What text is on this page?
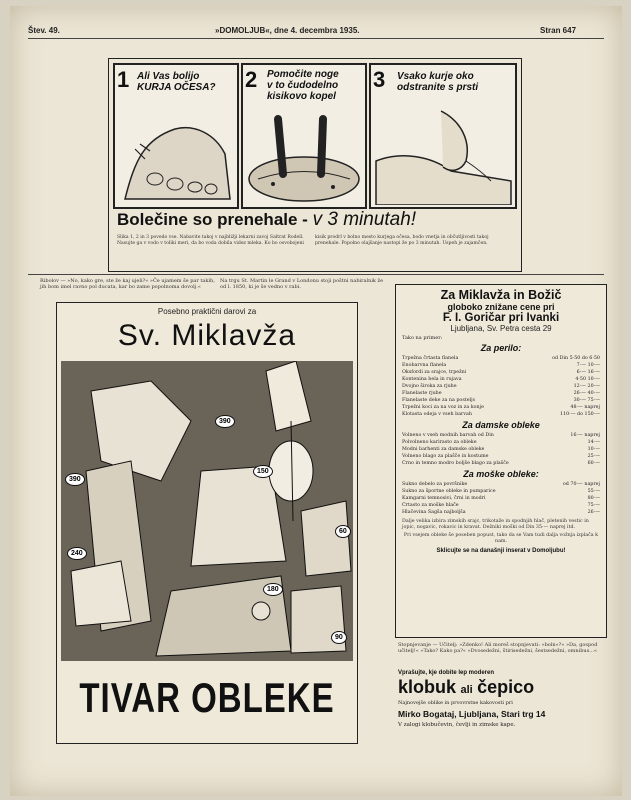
Štev. 49.	»DOMOLJUB«, dne 4. decembra 1935.	Stran 647
1 Ali Vas bolijo
KURJA OČESA? 2 Pomočite noge
v to čudodelno
kisikovo kopel
3 Vsako kurje oko
odstranite s prsti
Bolečine so prenehale - v 3 minutah!
Slika 1, 2 in 3 povedo vse. Nabavite takoj v najbližji lekarni zavoj Saltrat Rodell. Nasujte ga v vodo v toliki meri, da bo voda dobila videz mleka. Ko bo osvobojeni
kisik prodrl v bolno mesto kurjega očesa, bodo vnetja in občutljivosti takoj prenehale. Popolno olajšanje nastopi že po 3 minutah. Uspeh je zajamčen.
Ribolov — »No, kako gre, ste že kaj ujeli?« »Če ujamem še par takih, jih bom imel ravno pol ducata, kar bo zame popolnoma dovolj.«
Na trgu St. Martin le Grand v Londonu stoji poštni nabiralnik že od l. 1850, ki je še vedno v rabi.
Posebno praktični darovi za
Sv. Miklavža
390
150
390
60
240
180
90
TIVAR OBLEKE
Za Miklavža in Božič
globoko znižane cene pri
F. I. Goričar pri Ivanki
Ljubljana, Sv. Petra cesta 29
Tako na primer:
Za perilo:
Trpežna črtasta flanela	od Din 5·50 do 6·50
Enobarvna flanela	7·— 10·—
Oksfordi za srajce, trpežni	6·— 16·—
Kontenina bela in rujava	4·50 10·—
Dvojno široka za rjuhe	12·— 20·—
Flanelaste rjuhe	26·— 40·—
Flanelaste deke za na posteljo	30·— 75·—
Trpežni koci za na voz in za konje	48·— naprej
Klotasta odeja v vseh barvah	110·— do 150·—
Za damske obleke
Volneno v vseh modnih barvah od Din	16·— naprej
Polvolneno karirasto za obleke	14·—
Modni barhenti za damske obleke	10·—
Volneno blago za plašče in kostume	25·—
Črno in temno modro boljše blago za plašče	60·—
Za moške obleke:
Sukno debelo za površnike	od 70·— naprej
Sukno za športne obleke in pumparice	55·—
Kamgarni temnosivi, črni in modri	80·—
Črtasto za moške hlače	75·—
Hlačevina Šagša najboljša	26·—
Dalje velika izbira zimskih srajc, trikotaže in spodnjih hlač, pletenih vestic in jopic, nogavic, rokavic in kravat. Dežniki moški od Din 35·— naprej itd.
Pri vsejem obleke še poseben popust, tako da se Vam tudi dalja vožnja izplača k nam.
Sklicujte se na današnji inserat v Domoljubu!
Stopnjevanje — Učitelj: »Zdenko! Ali moreš stopnjevati: »boln«?« »Da, gospod učitelj!« »Tako? Kako pa?« »Dvosedežni, štirisedežni, šestsedežni, omnibus...«
Vprašujte, kje dobite lep moderen
klobuk ali čepico
Najnovejše oblike in prvovrstne kakovosti pri
Mirko Bogataj, Ljubljana, Stari trg 14
V zalogi klobučevin, čevlji in zimske kape.
